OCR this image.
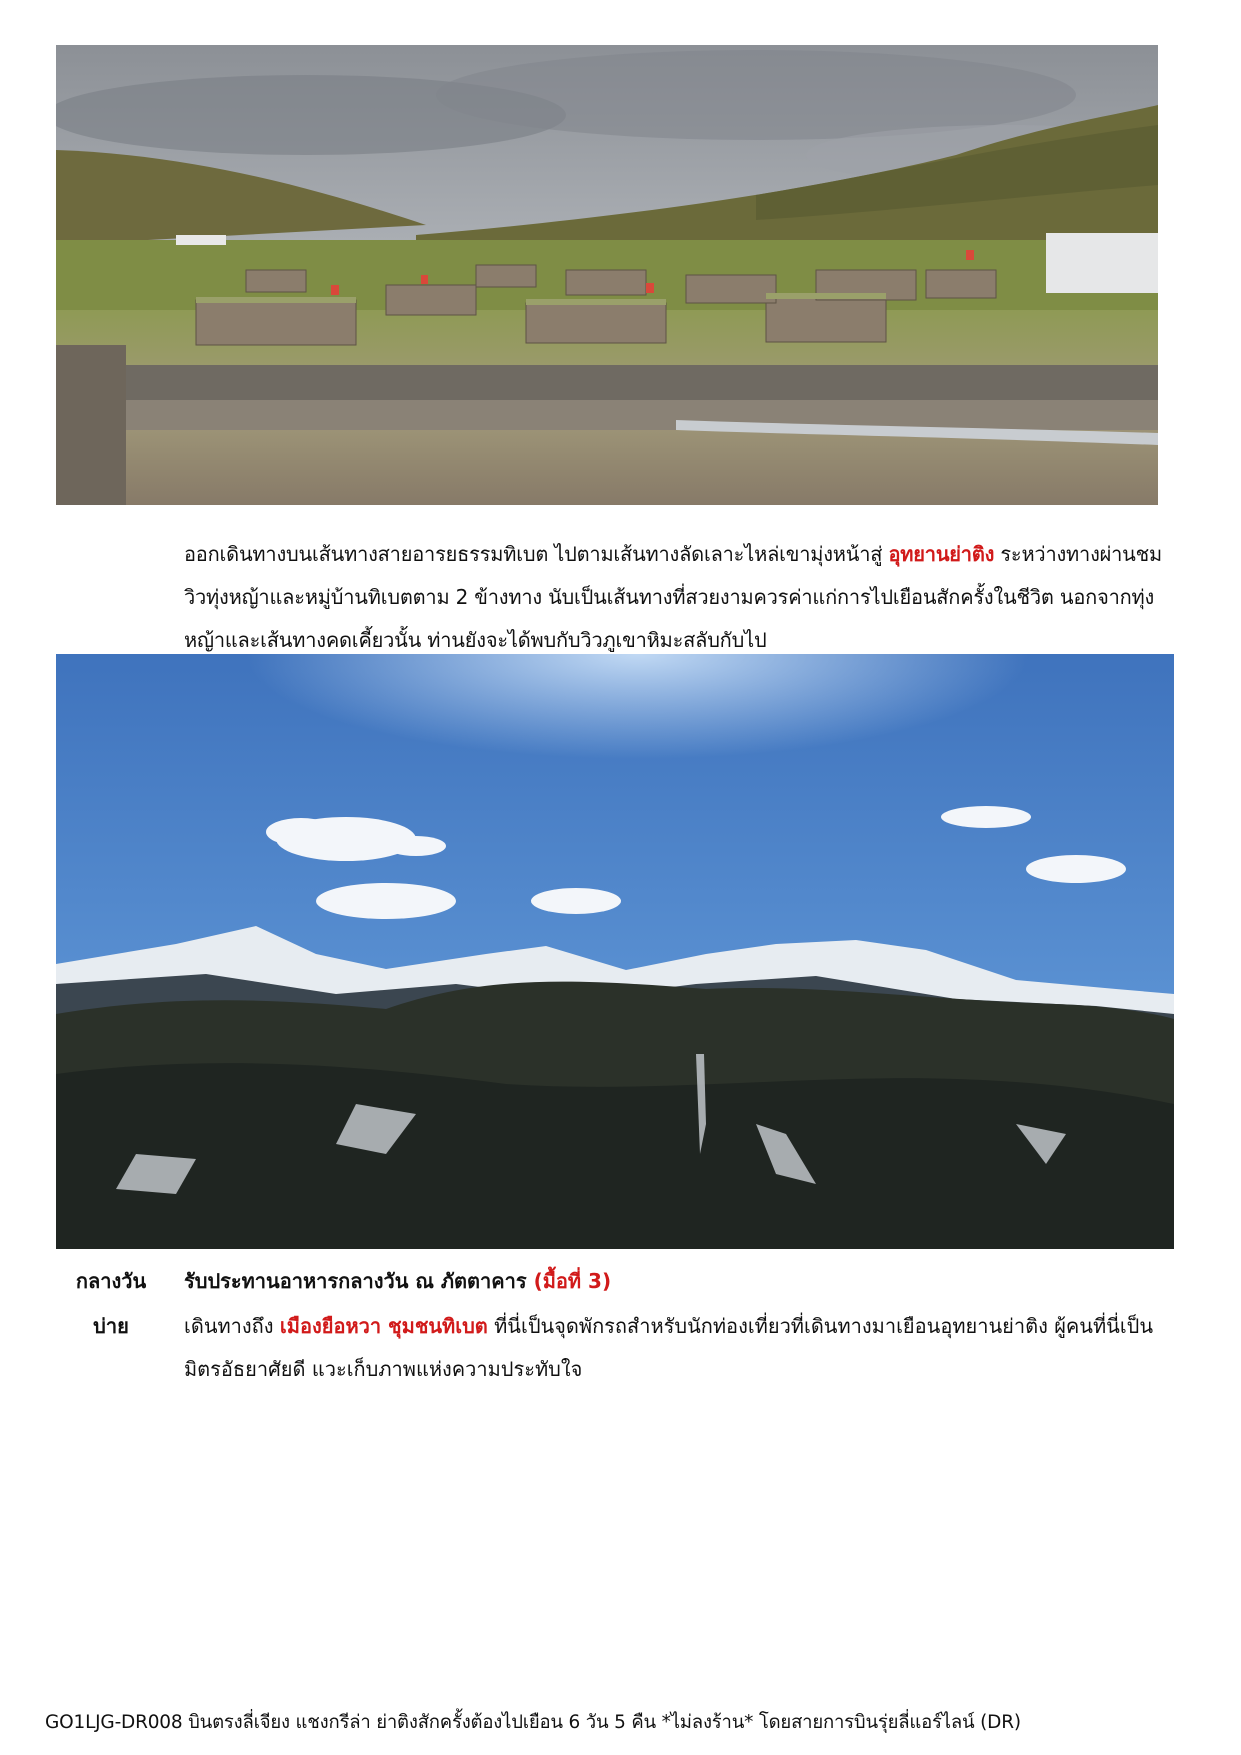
ออกเดินทางบนเส้นทางสายอารยธรรมทิเบต ไปตามเส้นทางลัดเลาะไหล่เขามุ่งหน้าสู่ อุทยานย่าติง ระหว่างทางผ่านชมวิวทุ่งหญ้าและหมู่บ้านทิเบตตาม 2 ข้างทาง นับเป็นเส้นทางที่สวยงามควรค่าแก่การไปเยือนสักครั้งในชีวิต นอกจากทุ่งหญ้าและเส้นทางคดเคี้ยวนั้น ท่านยังจะได้พบกับวิวภูเขาหิมะสลับกับไป

กลางวัน	รับประทานอาหารกลางวัน ณ ภัตตาคาร (มื้อที่ 3)
บ่าย	เดินทางถึง เมืองยือหวา ชุมชนทิเบต ที่นี่เป็นจุดพักรถสำหรับนักท่องเที่ยวที่เดินทางมาเยือนอุทยานย่าติง ผู้คนที่นี่เป็นมิตรอัธยาศัยดี แวะเก็บภาพแห่งความประทับใจ
GO1LJG-DR008 บินตรงลี่เจียง แชงกรีล่า ย่าติงสักครั้งต้องไปเยือน 6 วัน 5 คืน *ไม่ลงร้าน* โดยสายการบินรุ่ยลี่แอร์ไลน์ (DR)
